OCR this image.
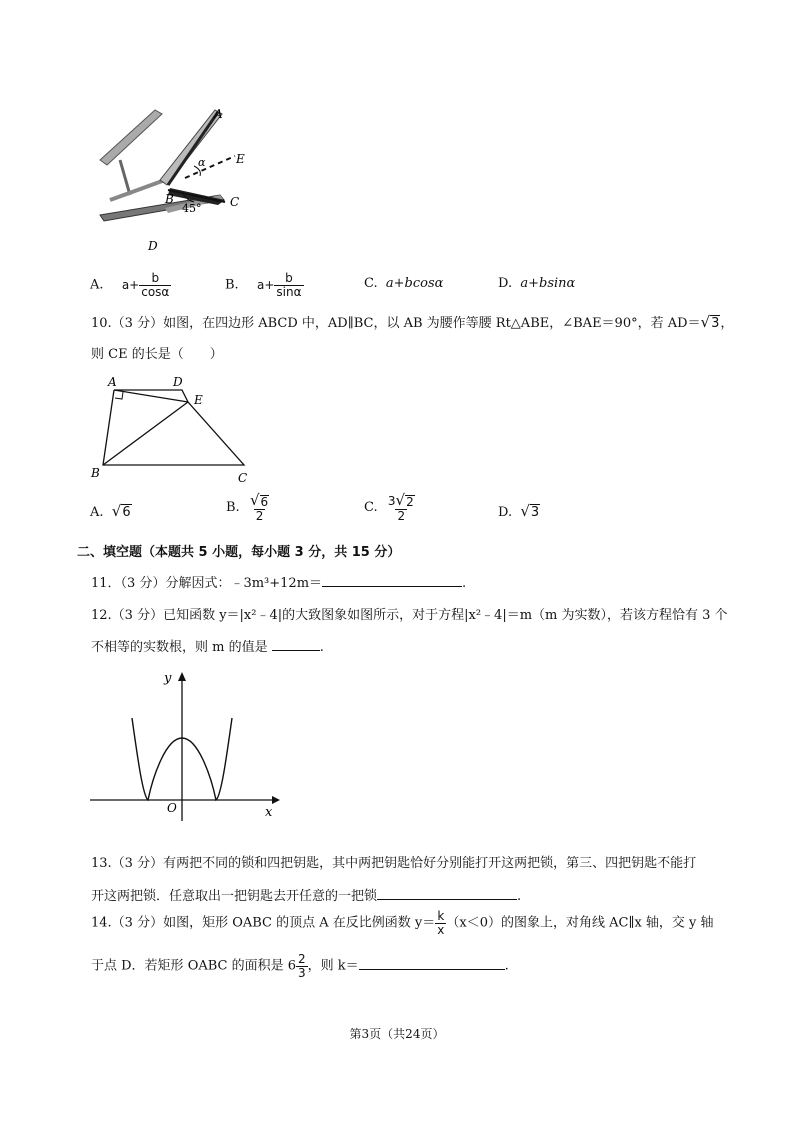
A
E
α
B
45° C
D
A. $a+ \frac{b}{\cos\alpha}$	B. $a+ \frac{b}{\sin\alpha}$	C. a+bcosα	D. a+bsinα
10.（3 分）如图，在四边形 ABCD 中，AD∥BC，以 AB 为腰作等腰 Rt△ABE，∠BAE＝90°，若 AD＝ √ 3 ，
则 CE 的长是（　　）
A	D
E
B	C
A. √ 6	B. $\frac{√ 6}{2}$	C. $\frac{3 √ 2}{2}$	D. √ 3
二、填空题（本题共 5 小题，每小题 3 分，共 15 分）
11．（3 分）分解因式：﹣3m³+12m＝	.
12.（3 分）已知函数 y＝|x²﹣4|的大致图象如图所示，对于方程|x²﹣4|＝m（m 为实数），若该方程恰有 3 个
不相等的实数根，则 m 的值是	.
y
x
O
13.（3 分）有两把不同的锁和四把钥匙，其中两把钥匙恰好分别能打开这两把锁，第三、四把钥匙不能打
开这两把锁．任意取出一把钥匙去开任意的一把锁	.
14.（3 分）如图，矩形 OABC 的顶点 A 在反比例函数 $y= \frac{k}{x} (x<0)$的图象上，对角线 AC∥x 轴，交 y 轴
于点 D．若矩形 OABC 的面积是 $6 \frac{2}{3}$ ，则 k＝	.
第3页（共24页）
